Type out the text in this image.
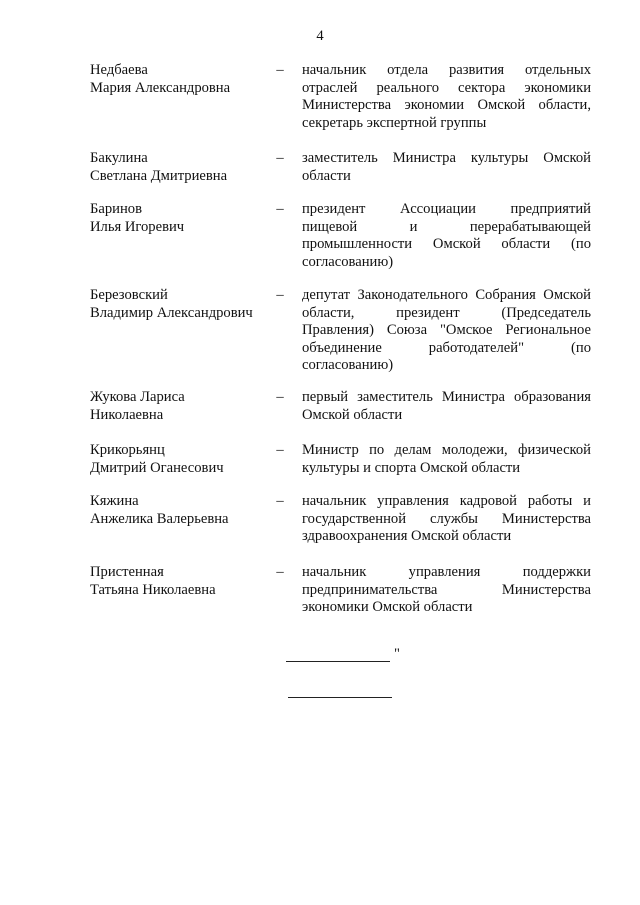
4
Недбаева
Мария Александровна
– начальник отдела развития отдельных
отраслей реального сектора экономики
Министерства экономии Омской области,
секретарь экспертной группы
Бакулина
Светлана Дмитриевна
– заместитель Министра культуры Омской
области
Баринов
Илья Игоревич
– президент Ассоциации предприятий
пищевой и перерабатывающей
промышленности Омской области (по
согласованию)
Березовский
Владимир Александрович
– депутат Законодательного Собрания Омской
области, президент (Председатель
Правления) Союза "Омское Региональное
объединение работодателей" (по
согласованию)
Жукова Лариса
Николаевна
– первый заместитель Министра образования
Омской области
Крикорьянц
Дмитрий Оганесович
– Министр по делам молодежи, физической
культуры и спорта Омской области
Кяжина
Анжелика Валерьевна
– начальник управления кадровой работы и
государственной службы Министерства
здравоохранения Омской области
Пристенная
Татьяна Николаевна
– начальник управления поддержки
предпринимательства Министерства
экономики Омской области
"
